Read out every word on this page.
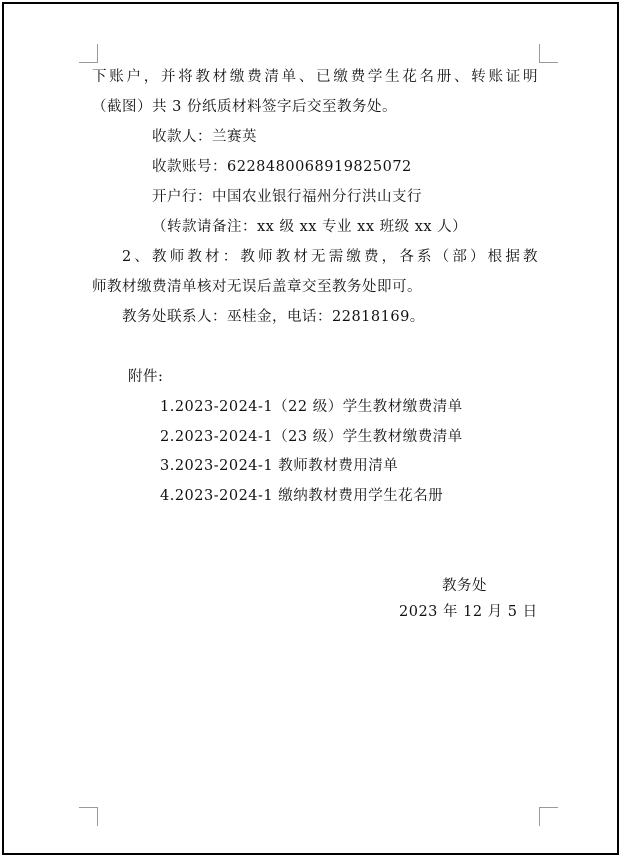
下账户，并将教材缴费清单、已缴费学生花名册、转账证明
（截图）共 3 份纸质材料签字后交至教务处。
收款人：兰赛英
收款账号：6228480068919825072
开户行：中国农业银行福州分行洪山支行
（转款请备注：xx 级 xx 专业 xx 班级 xx 人）
2、教师教材：教师教材无需缴费，各系（部）根据教
师教材缴费清单核对无误后盖章交至教务处即可。
教务处联系人：巫桂金，电话：22818169。
附件:
1.2023-2024-1（22 级）学生教材缴费清单
2.2023-2024-1（23 级）学生教材缴费清单
3.2023-2024-1 教师教材费用清单
4.2023-2024-1 缴纳教材费用学生花名册
教务处
2023 年 12 月 5 日
